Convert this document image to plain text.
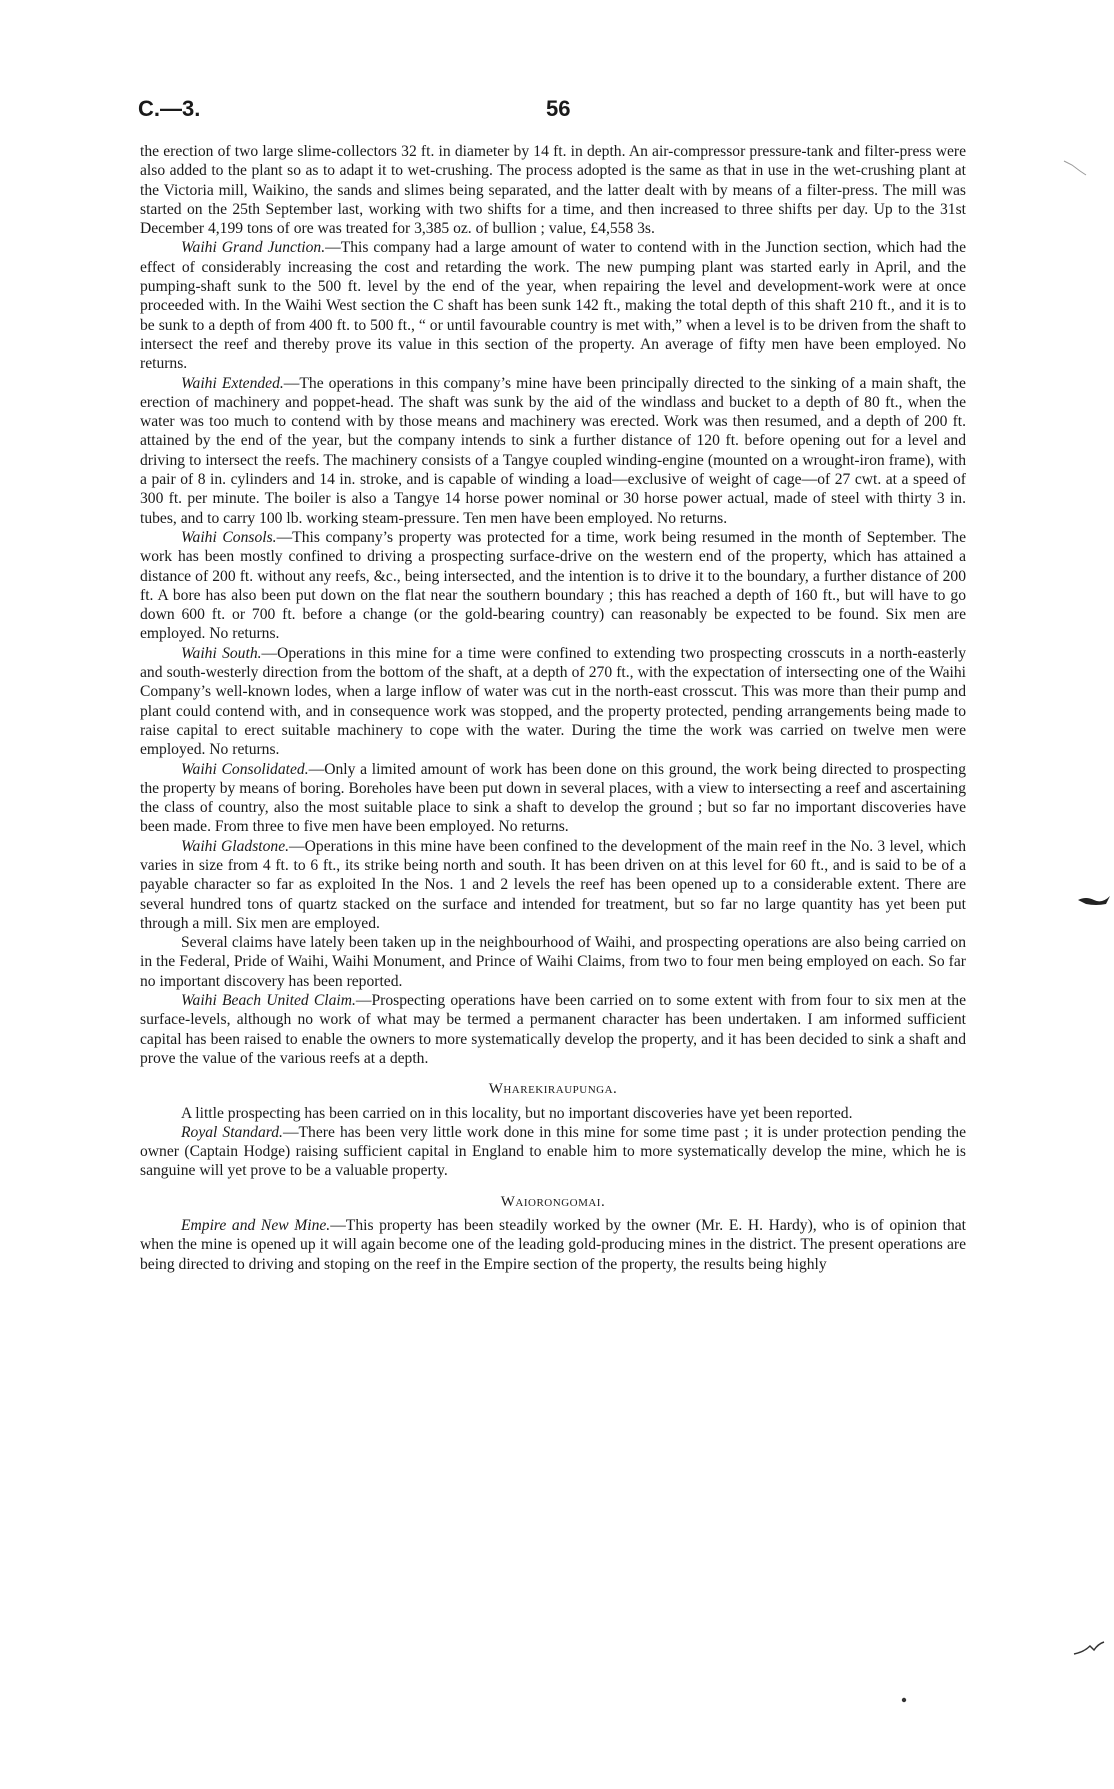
C.—3.	56

the erection of two large slime-collectors 32 ft. in diameter by 14 ft. in depth. An air-compressor pressure-tank and filter-press were also added to the plant so as to adapt it to wet-crushing. The process adopted is the same as that in use in the wet-crushing plant at the Victoria mill, Waikino, the sands and slimes being separated, and the latter dealt with by means of a filter-press. The mill was started on the 25th September last, working with two shifts for a time, and then increased to three shifts per day. Up to the 31st December 4,199 tons of ore was treated for 3,385 oz. of bullion ; value, £4,558 3s.

Waihi Grand Junction.—This company had a large amount of water to contend with in the Junction section, which had the effect of considerably increasing the cost and retarding the work. The new pumping plant was started early in April, and the pumping-shaft sunk to the 500 ft. level by the end of the year, when repairing the level and development-work were at once proceeded with. In the Waihi West section the C shaft has been sunk 142 ft., making the total depth of this shaft 210 ft., and it is to be sunk to a depth of from 400 ft. to 500 ft., “ or until favourable country is met with,” when a level is to be driven from the shaft to intersect the reef and thereby prove its value in this section of the property. An average of fifty men have been employed. No returns.

Waihi Extended.—The operations in this company’s mine have been principally directed to the sinking of a main shaft, the erection of machinery and poppet-head. The shaft was sunk by the aid of the windlass and bucket to a depth of 80 ft., when the water was too much to contend with by those means and machinery was erected. Work was then resumed, and a depth of 200 ft. attained by the end of the year, but the company intends to sink a further distance of 120 ft. before opening out for a level and driving to intersect the reefs. The machinery consists of a Tangye coupled winding-engine (mounted on a wrought-iron frame), with a pair of 8 in. cylinders and 14 in. stroke, and is capable of winding a load—exclusive of weight of cage—of 27 cwt. at a speed of 300 ft. per minute. The boiler is also a Tangye 14 horse power nominal or 30 horse power actual, made of steel with thirty 3 in. tubes, and to carry 100 lb. working steam-pressure. Ten men have been employed. No returns.

Waihi Consols.—This company’s property was protected for a time, work being resumed in the month of September. The work has been mostly confined to driving a prospecting surface-drive on the western end of the property, which has attained a distance of 200 ft. without any reefs, &c., being intersected, and the intention is to drive it to the boundary, a further distance of 200 ft. A bore has also been put down on the flat near the southern boundary ; this has reached a depth of 160 ft., but will have to go down 600 ft. or 700 ft. before a change (or the gold-bearing country) can reasonably be expected to be found. Six men are employed. No returns.

Waihi South.—Operations in this mine for a time were confined to extending two prospecting crosscuts in a north-easterly and south-westerly direction from the bottom of the shaft, at a depth of 270 ft., with the expectation of intersecting one of the Waihi Company’s well-known lodes, when a large inflow of water was cut in the north-east crosscut. This was more than their pump and plant could contend with, and in consequence work was stopped, and the property protected, pending arrangements being made to raise capital to erect suitable machinery to cope with the water. During the time the work was carried on twelve men were employed. No returns.

Waihi Consolidated.—Only a limited amount of work has been done on this ground, the work being directed to prospecting the property by means of boring. Boreholes have been put down in several places, with a view to intersecting a reef and ascertaining the class of country, also the most suitable place to sink a shaft to develop the ground ; but so far no important discoveries have been made. From three to five men have been employed. No returns.

Waihi Gladstone.—Operations in this mine have been confined to the development of the main reef in the No. 3 level, which varies in size from 4 ft. to 6 ft., its strike being north and south. It has been driven on at this level for 60 ft., and is said to be of a payable character so far as exploited In the Nos. 1 and 2 levels the reef has been opened up to a considerable extent. There are several hundred tons of quartz stacked on the surface and intended for treatment, but so far no large quantity has yet been put through a mill. Six men are employed.

Several claims have lately been taken up in the neighbourhood of Waihi, and prospecting operations are also being carried on in the Federal, Pride of Waihi, Waihi Monument, and Prince of Waihi Claims, from two to four men being employed on each. So far no important discovery has been reported.

Waihi Beach United Claim.—Prospecting operations have been carried on to some extent with from four to six men at the surface-levels, although no work of what may be termed a permanent character has been undertaken. I am informed sufficient capital has been raised to enable the owners to more systematically develop the property, and it has been decided to sink a shaft and prove the value of the various reefs at a depth.

Wharekiraupunga.

A little prospecting has been carried on in this locality, but no important discoveries have yet been reported.

Royal Standard.—There has been very little work done in this mine for some time past ; it is under protection pending the owner (Captain Hodge) raising sufficient capital in England to enable him to more systematically develop the mine, which he is sanguine will yet prove to be a valuable property.

Waiorongomai.

Empire and New Mine.—This property has been steadily worked by the owner (Mr. E. H. Hardy), who is of opinion that when the mine is opened up it will again become one of the leading gold-producing mines in the district. The present operations are being directed to driving and stoping on the reef in the Empire section of the property, the results being highly
